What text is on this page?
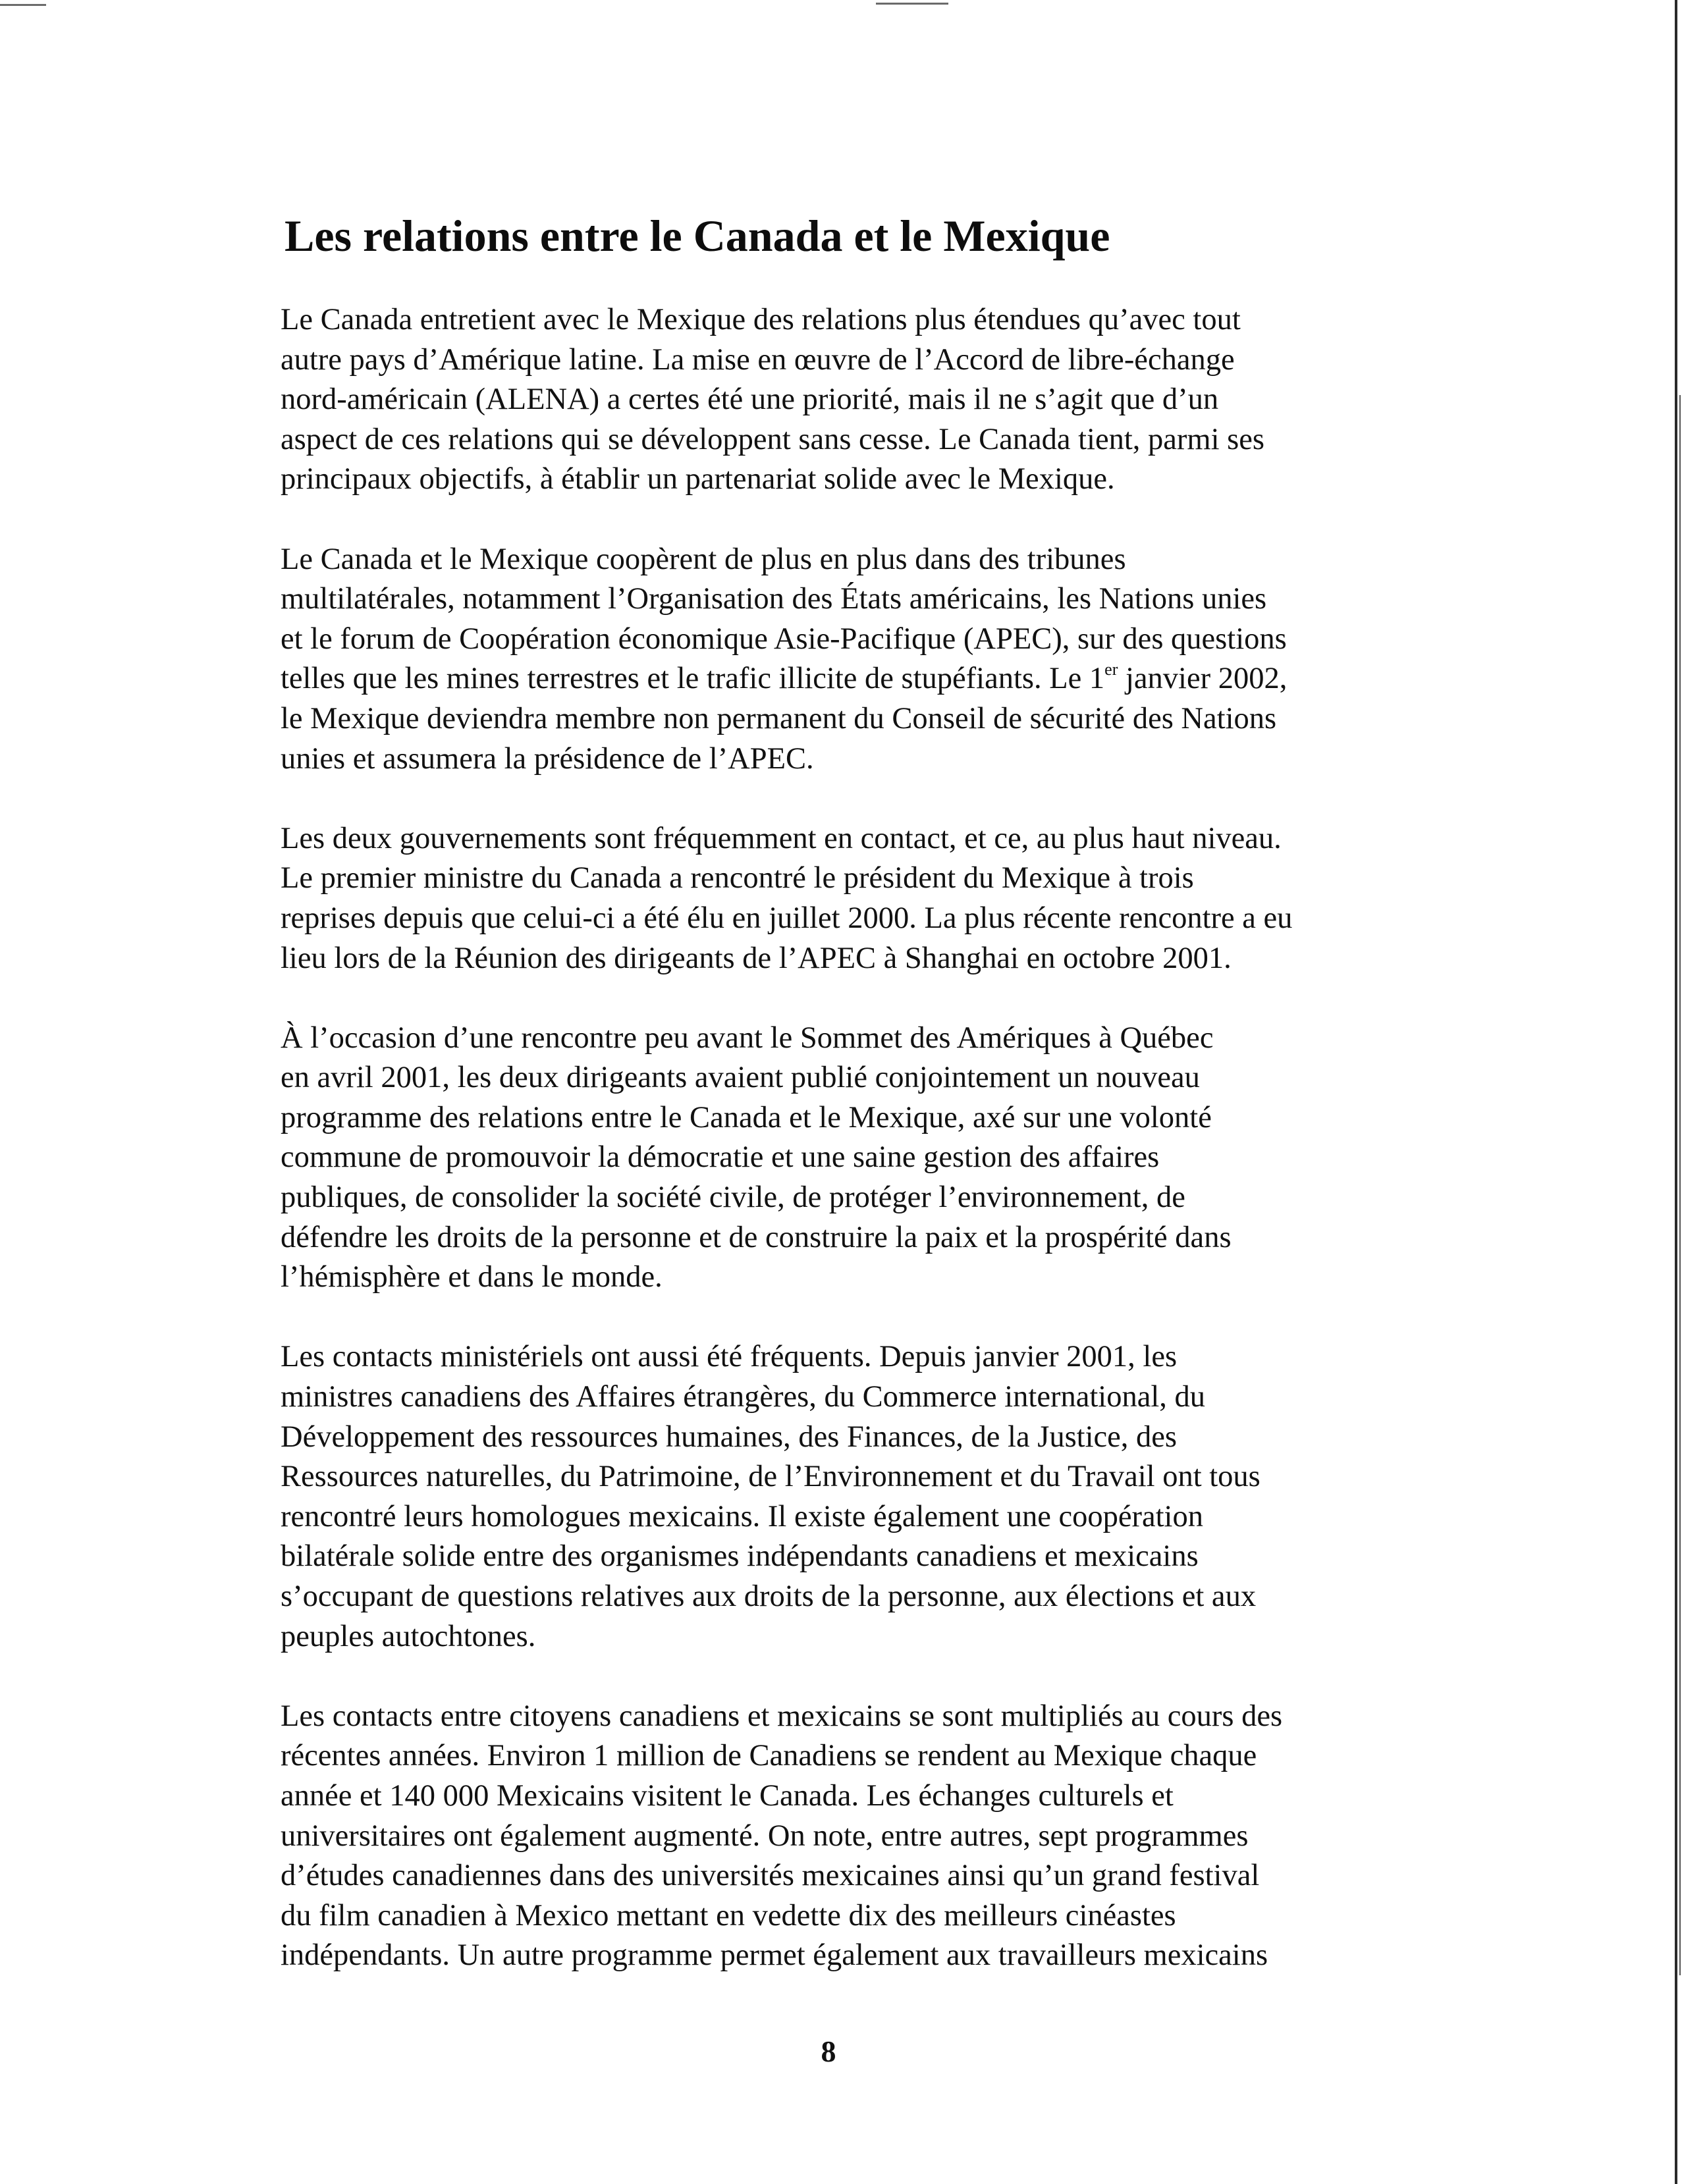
Les relations entre le Canada et le Mexique

Le Canada entretient avec le Mexique des relations plus étendues qu’avec tout
autre pays d’Amérique latine. La mise en œuvre de l’Accord de libre-échange
nord-américain (ALENA) a certes été une priorité, mais il ne s’agit que d’un
aspect de ces relations qui se développent sans cesse. Le Canada tient, parmi ses
principaux objectifs, à établir un partenariat solide avec le Mexique.

Le Canada et le Mexique coopèrent de plus en plus dans des tribunes
multilatérales, notamment l’Organisation des États américains, les Nations unies
et le forum de Coopération économique Asie-Pacifique (APEC), sur des questions
telles que les mines terrestres et le trafic illicite de stupéfiants. Le 1er janvier 2002,
le Mexique deviendra membre non permanent du Conseil de sécurité des Nations
unies et assumera la présidence de l’APEC.

Les deux gouvernements sont fréquemment en contact, et ce, au plus haut niveau.
Le premier ministre du Canada a rencontré le président du Mexique à trois
reprises depuis que celui-ci a été élu en juillet 2000. La plus récente rencontre a eu
lieu lors de la Réunion des dirigeants de l’APEC à Shanghai en octobre 2001.

À l’occasion d’une rencontre peu avant le Sommet des Amériques à Québec
en avril 2001, les deux dirigeants avaient publié conjointement un nouveau
programme des relations entre le Canada et le Mexique, axé sur une volonté
commune de promouvoir la démocratie et une saine gestion des affaires
publiques, de consolider la société civile, de protéger l’environnement, de
défendre les droits de la personne et de construire la paix et la prospérité dans
l’hémisphère et dans le monde.

Les contacts ministériels ont aussi été fréquents. Depuis janvier 2001, les
ministres canadiens des Affaires étrangères, du Commerce international, du
Développement des ressources humaines, des Finances, de la Justice, des
Ressources naturelles, du Patrimoine, de l’Environnement et du Travail ont tous
rencontré leurs homologues mexicains. Il existe également une coopération
bilatérale solide entre des organismes indépendants canadiens et mexicains
s’occupant de questions relatives aux droits de la personne, aux élections et aux
peuples autochtones.

Les contacts entre citoyens canadiens et mexicains se sont multipliés au cours des
récentes années. Environ 1 million de Canadiens se rendent au Mexique chaque
année et 140 000 Mexicains visitent le Canada. Les échanges culturels et
universitaires ont également augmenté. On note, entre autres, sept programmes
d’études canadiennes dans des universités mexicaines ainsi qu’un grand festival
du film canadien à Mexico mettant en vedette dix des meilleurs cinéastes
indépendants. Un autre programme permet également aux travailleurs mexicains

8
